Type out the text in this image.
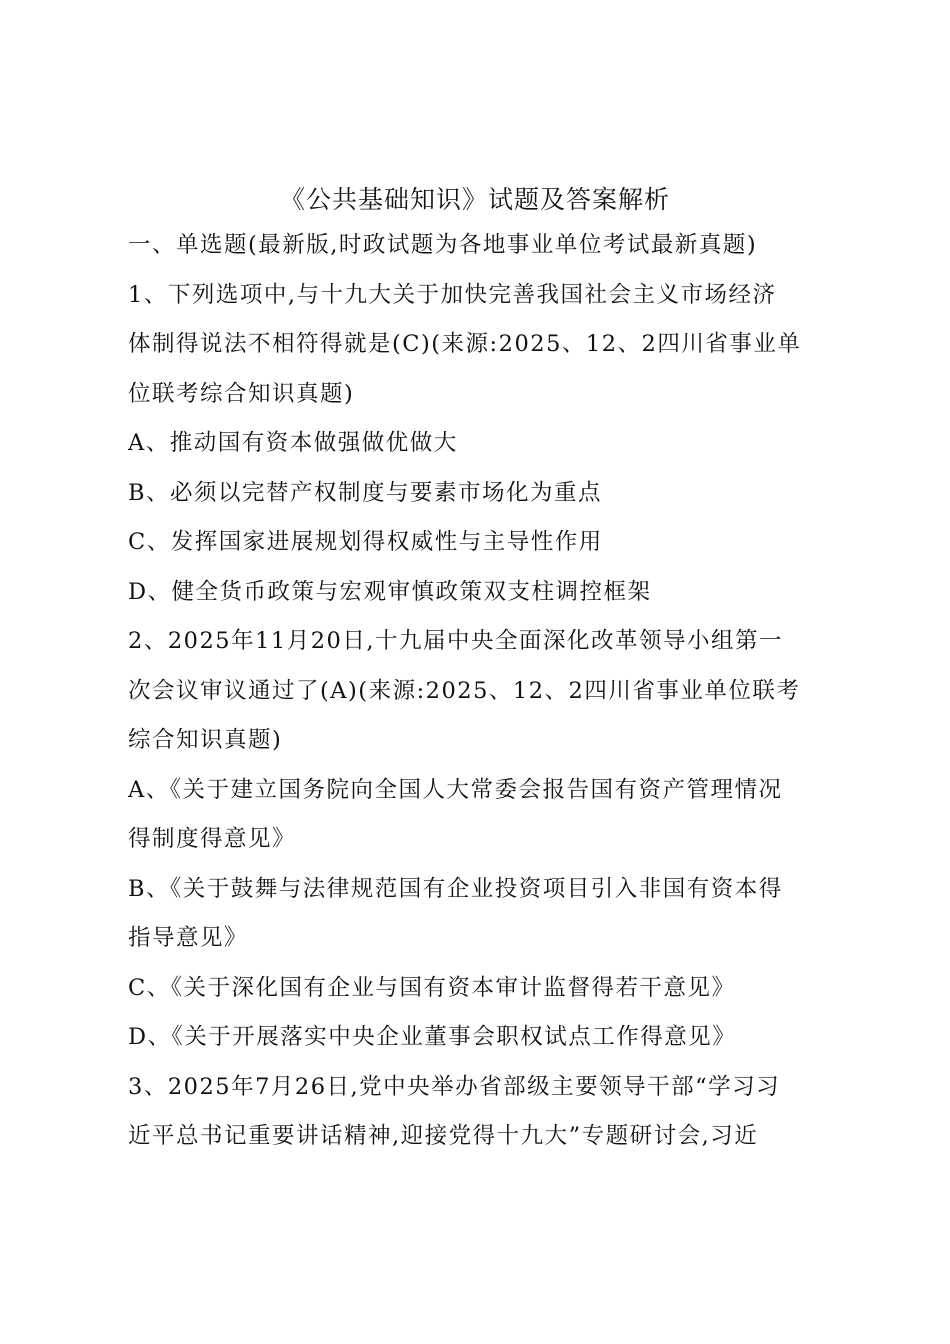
《公共基础知识》试题及答案解析
一、单选题(最新版,时政试题为各地事业单位考试最新真题)
1、下列选项中,与十九大关于加快完善我国社会主义市场经济
体制得说法不相符得就是(C)(来源:2025、12、2四川省事业单
位联考综合知识真题)
A、推动国有资本做强做优做大
B、必须以完替产权制度与要素市场化为重点
C、发挥国家进展规划得权威性与主导性作用
D、健全货币政策与宏观审慎政策双支柱调控框架
2、2025年11月20日,十九届中央全面深化改革领导小组第一
次会议审议通过了(A)(来源:2025、12、2四川省事业单位联考
综合知识真题)
A、《关于建立国务院向全国人大常委会报告国有资产管理情况
得制度得意见》
B、《关于鼓舞与法律规范国有企业投资项目引入非国有资本得
指导意见》
C、《关于深化国有企业与国有资本审计监督得若干意见》
D、《关于开展落实中央企业董事会职权试点工作得意见》
3、2025年7月26日,党中央举办省部级主要领导干部“学习习
近平总书记重要讲话精神,迎接党得十九大”专题研讨会,习近
